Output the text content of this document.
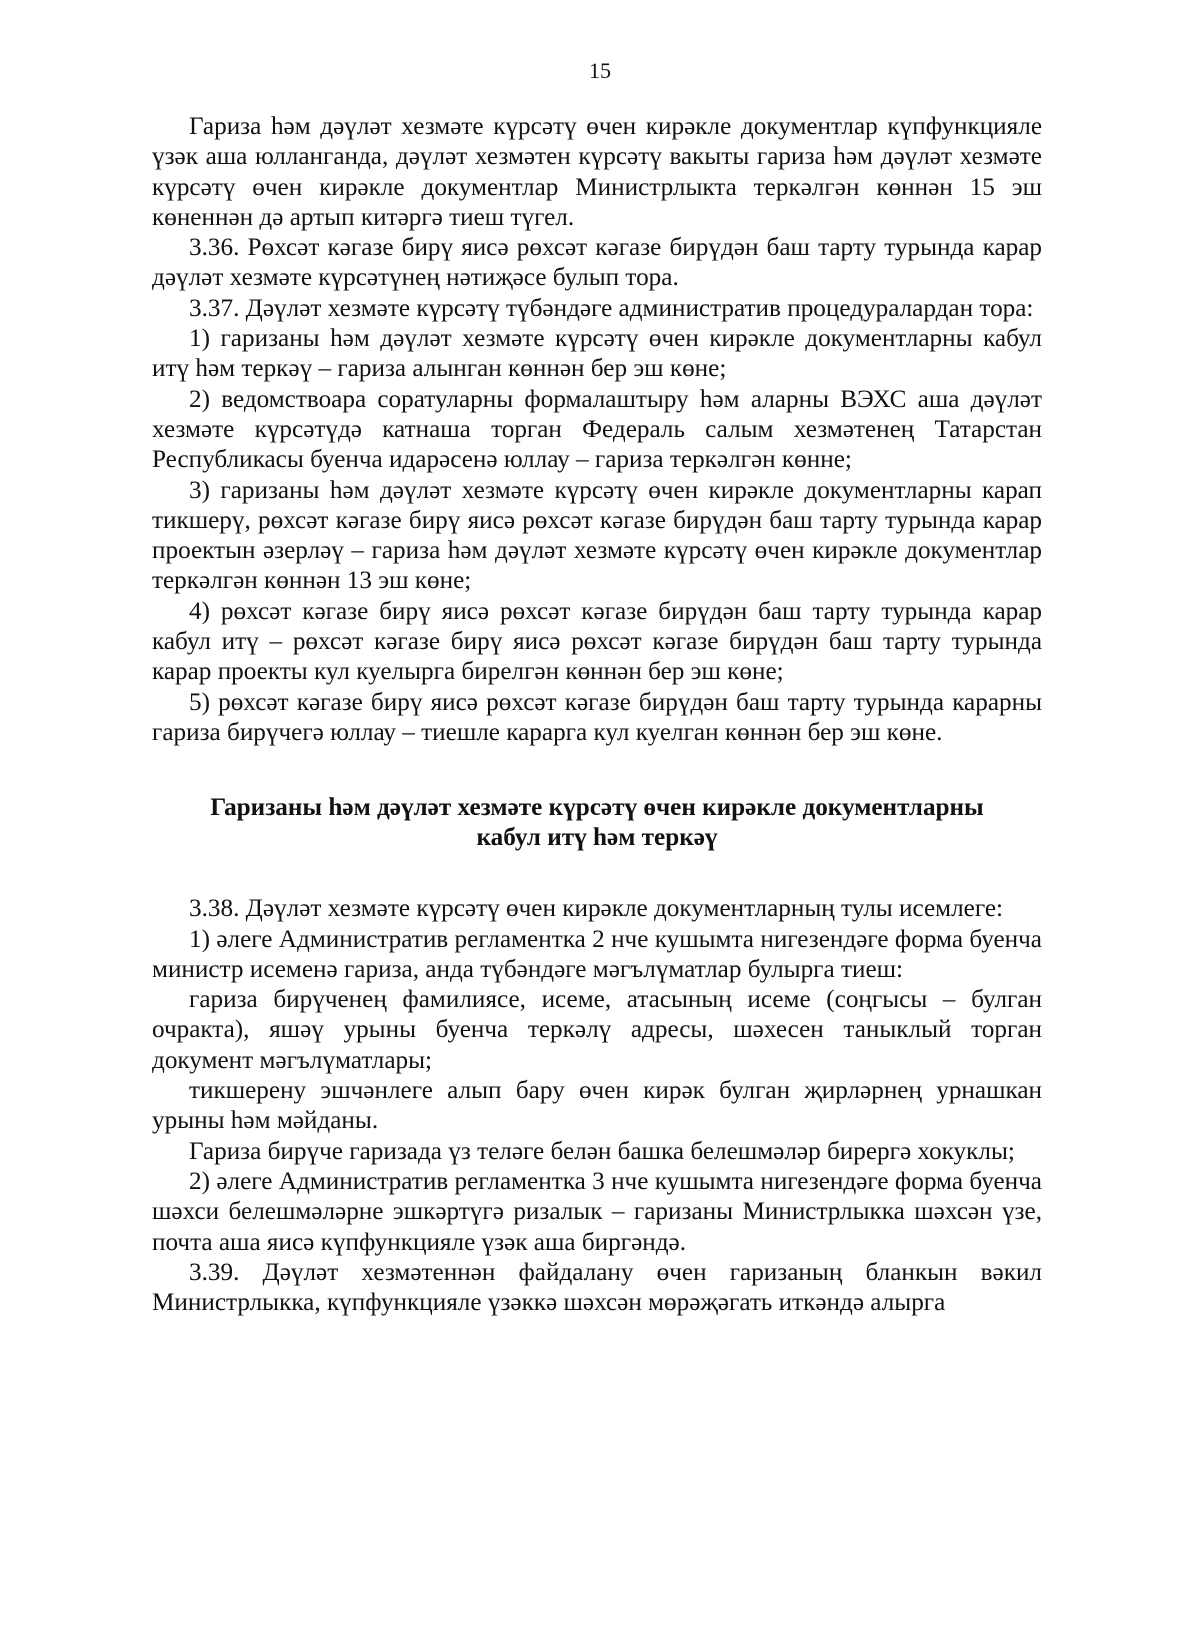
15

Гариза һәм дәүләт хезмәте күрсәтү өчен кирәкле документлар күпфункцияле үзәк аша юлланганда, дәүләт хезмәтен күрсәтү вакыты гариза һәм дәүләт хезмәте күрсәтү өчен кирәкле документлар Министрлыкта теркәлгән көннән 15 эш көненнән дә артып китәргә тиеш түгел.

3.36. Рөхсәт кәгазе бирү яисә рөхсәт кәгазе бирүдән баш тарту турында карар дәүләт хезмәте күрсәтүнең нәтиҗәсе булып тора.

3.37. Дәүләт хезмәте күрсәтү түбәндәге административ процедуралардан тора:

1) гаризаны һәм дәүләт хезмәте күрсәтү өчен кирәкле документларны кабул итү һәм теркәү – гариза алынган көннән бер эш көне;

2) ведомствоара соратуларны формалаштыру һәм аларны ВЭХС аша дәүләт хезмәте күрсәтүдә катнаша торган Федераль салым хезмәтенең Татарстан Республикасы буенча идарәсенә юллау – гариза теркәлгән көнне;

3) гаризаны һәм дәүләт хезмәте күрсәтү өчен кирәкле документларны карап тикшерү, рөхсәт кәгазе бирү яисә рөхсәт кәгазе бирүдән баш тарту турында карар проектын әзерләү – гариза һәм дәүләт хезмәте күрсәтү өчен кирәкле документлар теркәлгән көннән 13 эш көне;

4) рөхсәт кәгазе бирү яисә рөхсәт кәгазе бирүдән баш тарту турында карар кабул итү – рөхсәт кәгазе бирү яисә рөхсәт кәгазе бирүдән баш тарту турында карар проекты кул куелырга бирелгән көннән бер эш көне;

5) рөхсәт кәгазе бирү яисә рөхсәт кәгазе бирүдән баш тарту турында карарны гариза бирүчегә юллау – тиешле карарга кул куелган көннән бер эш көне.

Гаризаны һәм дәүләт хезмәте күрсәтү өчен кирәкле документларны
кабул итү һәм теркәү

3.38. Дәүләт хезмәте күрсәтү өчен кирәкле документларның тулы исемлеге:

1) әлеге Административ регламентка 2 нче кушымта нигезендәге форма буенча министр исеменә гариза, анда түбәндәге мәгълүматлар булырга тиеш:

гариза бирүченең фамилиясе, исеме, атасының исеме (соңгысы – булган очракта), яшәү урыны буенча теркәлү адресы, шәхесен таныклый торган документ мәгълүматлары;

тикшерену эшчәнлеге алып бару өчен кирәк булган җирләрнең урнашкан урыны һәм мәйданы.

Гариза бирүче гаризада үз теләге белән башка белешмәләр бирергә хокуклы;

2) әлеге Административ регламентка 3 нче кушымта нигезендәге форма буенча шәхси белешмәләрне эшкәртүгә ризалык – гаризаны Министрлыкка шәхсән үзе, почта аша яисә күпфункцияле үзәк аша биргәндә.

3.39. Дәүләт хезмәтеннән файдалану өчен гаризаның бланкын вәкил Министрлыкка, күпфункцияле үзәккә шәхсән мөрәҗәгать иткәндә алырга
